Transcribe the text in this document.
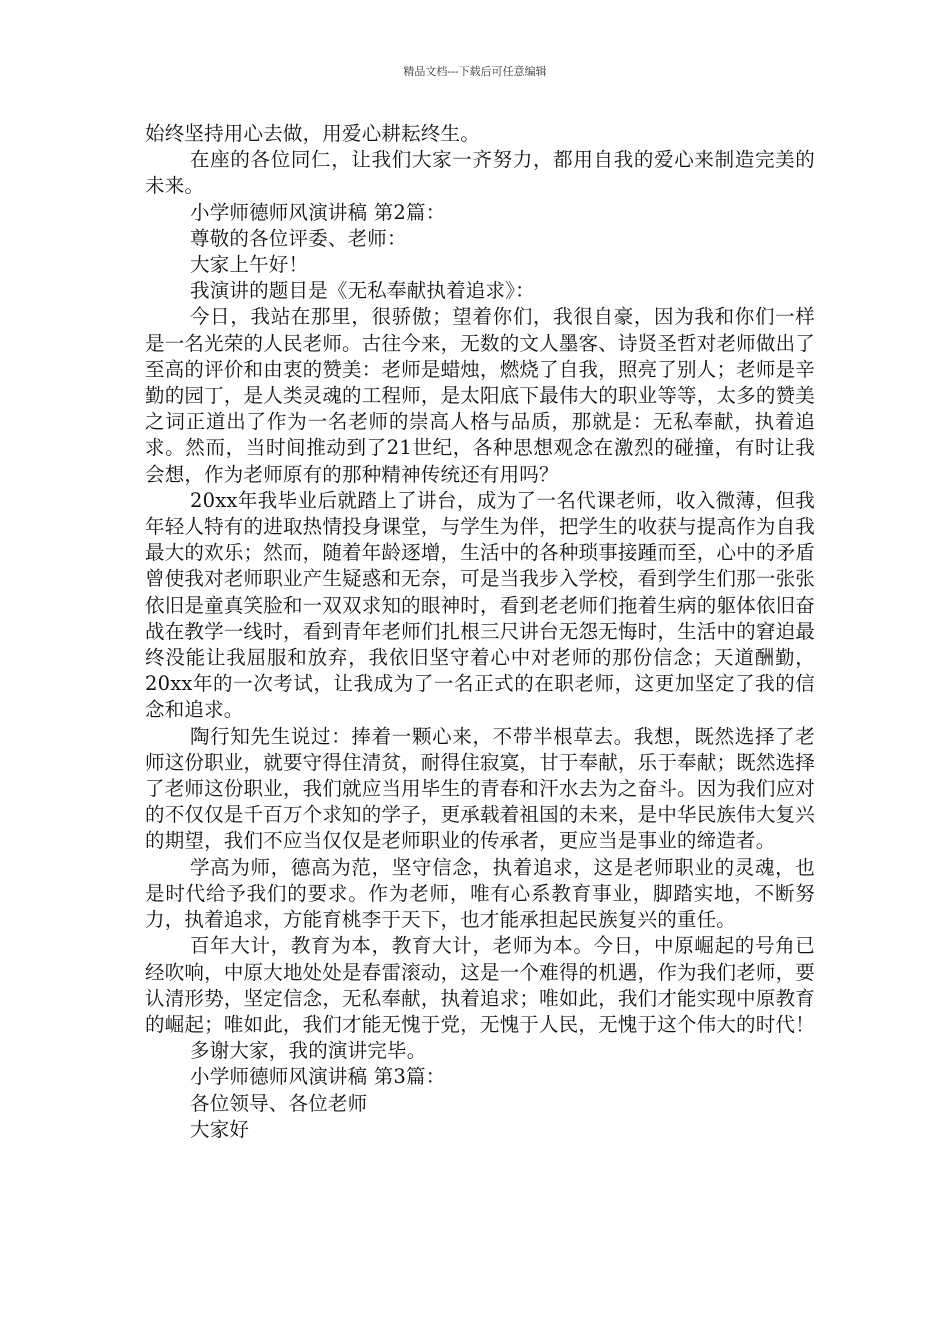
精品文档---下载后可任意编辑

始终坚持用心去做，用爱心耕耘终生。

在座的各位同仁，让我们大家一齐努力，都用自我的爱心来制造完美的未来。

小学师德师风演讲稿 第2篇：

尊敬的各位评委、老师：

大家上午好！

我演讲的题目是《无私奉献执着追求》：

今日，我站在那里，很骄傲；望着你们，我很自豪，因为我和你们一样是一名光荣的人民老师。古往今来，无数的文人墨客、诗贤圣哲对老师做出了至高的评价和由衷的赞美：老师是蜡烛，燃烧了自我，照亮了别人；老师是辛勤的园丁，是人类灵魂的工程师，是太阳底下最伟大的职业等等，太多的赞美之词正道出了作为一名老师的崇高人格与品质，那就是：无私奉献，执着追求。然而，当时间推动到了21世纪，各种思想观念在激烈的碰撞，有时让我会想，作为老师原有的那种精神传统还有用吗？

20xx年我毕业后就踏上了讲台，成为了一名代课老师，收入微薄，但我年轻人特有的进取热情投身课堂，与学生为伴，把学生的收获与提高作为自我最大的欢乐；然而，随着年龄逐增，生活中的各种琐事接踵而至，心中的矛盾曾使我对老师职业产生疑惑和无奈，可是当我步入学校，看到学生们那一张张依旧是童真笑脸和一双双求知的眼神时，看到老老师们拖着生病的躯体依旧奋战在教学一线时，看到青年老师们扎根三尺讲台无怨无悔时，生活中的窘迫最终没能让我屈服和放弃，我依旧坚守着心中对老师的那份信念；天道酬勤，20xx年的一次考试，让我成为了一名正式的在职老师，这更加坚定了我的信念和追求。

陶行知先生说过：捧着一颗心来，不带半根草去。我想，既然选择了老师这份职业，就要守得住清贫，耐得住寂寞，甘于奉献，乐于奉献；既然选择了老师这份职业，我们就应当用毕生的青春和汗水去为之奋斗。因为我们应对的不仅仅是千百万个求知的学子，更承载着祖国的未来，是中华民族伟大复兴的期望，我们不应当仅仅是老师职业的传承者，更应当是事业的缔造者。

学高为师，德高为范，坚守信念，执着追求，这是老师职业的灵魂，也是时代给予我们的要求。作为老师，唯有心系教育事业，脚踏实地，不断努力，执着追求，方能育桃李于天下，也才能承担起民族复兴的重任。

百年大计，教育为本，教育大计，老师为本。今日，中原崛起的号角已经吹响，中原大地处处是春雷滚动，这是一个难得的机遇，作为我们老师，要认清形势，坚定信念，无私奉献，执着追求；唯如此，我们才能实现中原教育的崛起；唯如此，我们才能无愧于党，无愧于人民，无愧于这个伟大的时代！

多谢大家，我的演讲完毕。

小学师德师风演讲稿 第3篇：

各位领导、各位老师

大家好
